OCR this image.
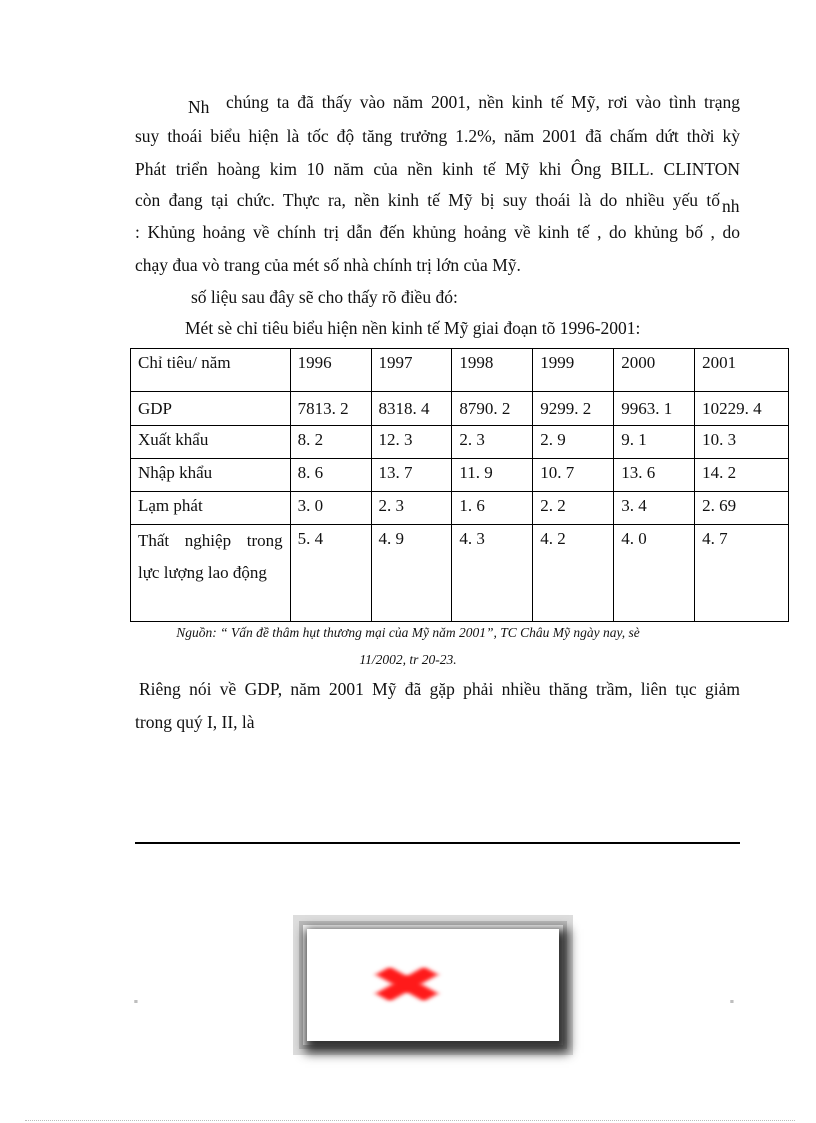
Nh chúng ta đã thấy vào năm 2001, nền kinh tế Mỹ, rơi vào tình trạng
suy thoái biểu hiện là tốc độ tăng trưởng 1.2%, năm 2001 đã chấm dứt thời kỳ
Phát triển hoàng kim 10 năm của nền kinh tế Mỹ khi Ông BILL. CLINTON
còn đang tại chức. Thực ra, nền kinh tế Mỹ bị suy thoái là do nhiều yếu tố nh
: Khủng hoảng về chính trị dẫn đến khủng hoảng về kinh tế , do khủng bố , do
chạy đua vò trang của mét số nhà chính trị lớn của Mỹ.
số liệu sau đây sẽ cho thấy rõ điều đó:
Mét sè chỉ tiêu biểu hiện nền kinh tế Mỹ giai đoạn tõ 1996-2001:
Chỉ tiêu/ năm	1996	1997	1998	1999	2000	2001
GDP	7813. 2	8318. 4	8790. 2	9299. 2	9963. 1	10229. 4
Xuất khẩu	8. 2	12. 3	2. 3	2. 9	9. 1	10. 3
Nhập khẩu	8. 6	13. 7	11. 9	10. 7	13. 6	14. 2
Lạm phát	3. 0	2. 3	1. 6	2. 2	3. 4	2. 69
Thất nghiệp trong lực lượng lao động	5. 4	4. 9	4. 3	4. 2	4. 0	4. 7
Nguồn: “ Vấn đề thâm hụt thương mại của Mỹ năm 2001”, TC Châu Mỹ ngày nay, sè
11/2002, tr 20-23.
Riêng nói về GDP, năm 2001 Mỹ đã gặp phải nhiều thăng trầm, liên tục giảm
trong quý I, II, là
✖
≡	≡
